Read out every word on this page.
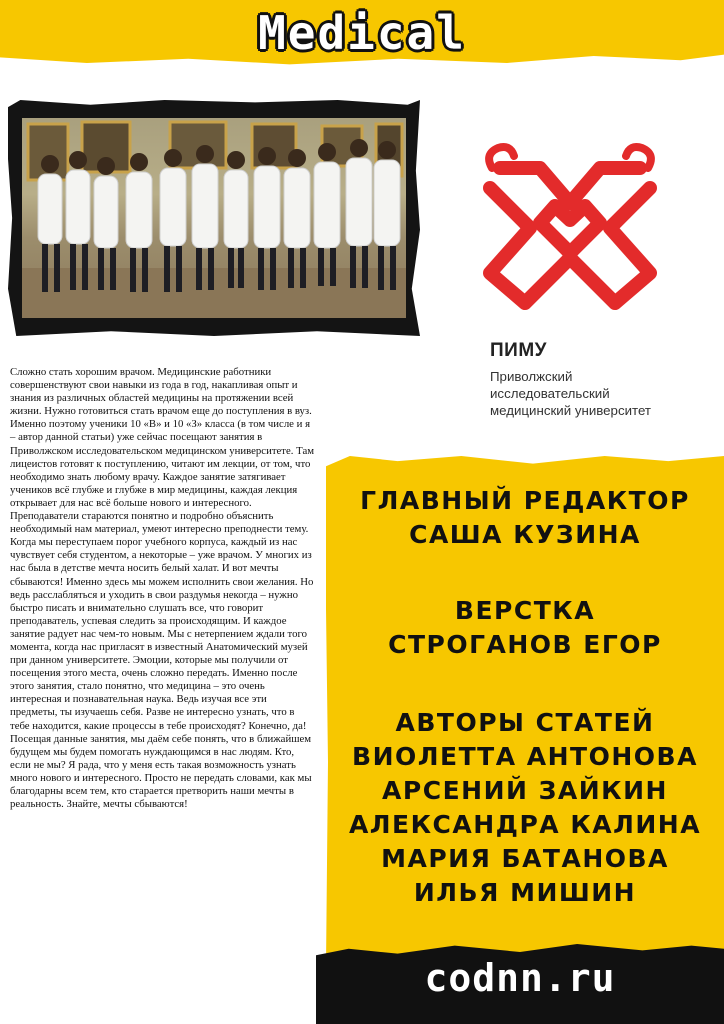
Medical
ПИМУ
Приволжский
исследовательский
медицинский университет
Сложно стать хорошим врачом. Медицинские работники совершенствуют свои навыки из года в год, накапливая опыт и знания из различных областей медицины на протяжении всей жизни. Нужно готовиться стать врачом еще до поступления в вуз. Именно поэтому ученики 10 «В» и 10 «З» класса (в том числе и я – автор данной статьи) уже сейчас посещают занятия в Приволжском исследовательском медицинском университете. Там лицеистов готовят к поступлению, читают им лекции, от том, что необходимо знать любому врачу. Каждое занятие затягивает учеников всё глубже и глубже в мир медицины, каждая лекция открывает для нас всё больше нового и интересного. Преподаватели стараются понятно и подробно объяснить необходимый нам материал, умеют интересно преподнести тему. Когда мы переступаем порог учебного корпуса, каждый из нас чувствует себя студентом, а некоторые – уже врачом. У многих из нас была в детстве мечта носить белый халат. И вот мечты сбываются! Именно здесь мы можем исполнить свои желания. Но ведь расслабляться и уходить в свои раздумья некогда – нужно быстро писать и внимательно слушать все, что говорит преподаватель, успевая следить за происходящим. И каждое занятие радует нас чем-то новым. Мы с нетерпением ждали того момента, когда нас пригласят в известный Анатомический музей при данном университете. Эмоции, которые мы получили от посещения этого места, очень сложно передать. Именно после этого занятия, стало понятно, что медицина – это очень интересная и познавательная наука. Ведь изучая все эти предметы, ты изучаешь себя. Разве не интересно узнать, что в тебе находится, какие процессы в тебе происходят? Конечно, да! Посещая данные занятия, мы даём себе понять, что в ближайшем будущем мы будем помогать нуждающимся в нас людям. Кто, если не мы? Я рада, что у меня есть такая возможность узнать много нового и интересного. Просто не передать словами, как мы благодарны всем тем, кто старается претворить наши мечты в реальность. Знайте, мечты сбываются!
ГЛАВНЫЙ РЕДАКТОР
САША КУЗИНА
ВЕРСТКА
СТРОГАНОВ ЕГОР
АВТОРЫ СТАТЕЙ
ВИОЛЕТТА АНТОНОВА
АРСЕНИЙ ЗАЙКИН
АЛЕКСАНДРА КАЛИНА
МАРИЯ БАТАНОВА
ИЛЬЯ МИШИН
codnn.ru
